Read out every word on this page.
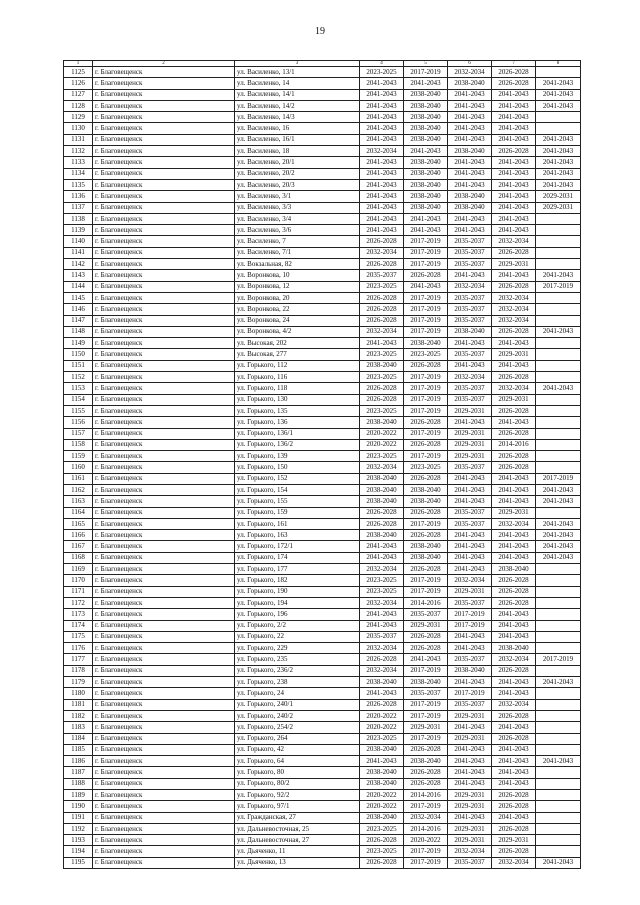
19
1	2	3	4	5	6	7	8
1125	г. Благовещенск	ул. Василенко, 13/1	2023-2025	2017-2019	2032-2034	2026-2028	
1126	г. Благовещенск	ул. Василенко, 14	2041-2043	2041-2043	2038-2040	2026-2028	2041-2043
1127	г. Благовещенск	ул. Василенко, 14/1	2041-2043	2038-2040	2041-2043	2041-2043	2041-2043
1128	г. Благовещенск	ул. Василенко, 14/2	2041-2043	2038-2040	2041-2043	2041-2043	2041-2043
1129	г. Благовещенск	ул. Василенко, 14/3	2041-2043	2038-2040	2041-2043	2041-2043	
1130	г. Благовещенск	ул. Василенко, 16	2041-2043	2038-2040	2041-2043	2041-2043	
1131	г. Благовещенск	ул. Василенко, 16/1	2041-2043	2038-2040	2041-2043	2041-2043	2041-2043
1132	г. Благовещенск	ул. Василенко, 18	2032-2034	2041-2043	2038-2040	2026-2028	2041-2043
1133	г. Благовещенск	ул. Василенко, 20/1	2041-2043	2038-2040	2041-2043	2041-2043	2041-2043
1134	г. Благовещенск	ул. Василенко, 20/2	2041-2043	2038-2040	2041-2043	2041-2043	2041-2043
1135	г. Благовещенск	ул. Василенко, 20/3	2041-2043	2038-2040	2041-2043	2041-2043	2041-2043
1136	г. Благовещенск	ул. Василенко, 3/1	2041-2043	2038-2040	2038-2040	2041-2043	2029-2031
1137	г. Благовещенск	ул. Василенко, 3/3	2041-2043	2038-2040	2038-2040	2041-2043	2029-2031
1138	г. Благовещенск	ул. Василенко, 3/4	2041-2043	2041-2043	2041-2043	2041-2043	
1139	г. Благовещенск	ул. Василенко, 3/6	2041-2043	2041-2043	2041-2043	2041-2043	
1140	г. Благовещенск	ул. Василенко, 7	2026-2028	2017-2019	2035-2037	2032-2034	
1141	г. Благовещенск	ул. Василенко, 7/1	2032-2034	2017-2019	2035-2037	2026-2028	
1142	г. Благовещенск	ул. Вокзальная, 82	2026-2028	2017-2019	2035-2037	2029-2031	
1143	г. Благовещенск	ул. Воронкова, 10	2035-2037	2026-2028	2041-2043	2041-2043	2041-2043
1144	г. Благовещенск	ул. Воронкова, 12	2023-2025	2041-2043	2032-2034	2026-2028	2017-2019
1145	г. Благовещенск	ул. Воронкова, 20	2026-2028	2017-2019	2035-2037	2032-2034	
1146	г. Благовещенск	ул. Воронкова, 22	2026-2028	2017-2019	2035-2037	2032-2034	
1147	г. Благовещенск	ул. Воронкова, 24	2026-2028	2017-2019	2035-2037	2032-2034	
1148	г. Благовещенск	ул. Воронкова, 4/2	2032-2034	2017-2019	2038-2040	2026-2028	2041-2043
1149	г. Благовещенск	ул. Высокая, 202	2041-2043	2038-2040	2041-2043	2041-2043	
1150	г. Благовещенск	ул. Высокая, 277	2023-2025	2023-2025	2035-2037	2029-2031	
1151	г. Благовещенск	ул. Горького, 112	2038-2040	2026-2028	2041-2043	2041-2043	
1152	г. Благовещенск	ул. Горького, 116	2023-2025	2017-2019	2032-2034	2026-2028	
1153	г. Благовещенск	ул. Горького, 118	2026-2028	2017-2019	2035-2037	2032-2034	2041-2043
1154	г. Благовещенск	ул. Горького, 130	2026-2028	2017-2019	2035-2037	2029-2031	
1155	г. Благовещенск	ул. Горького, 135	2023-2025	2017-2019	2029-2031	2026-2028	
1156	г. Благовещенск	ул. Горького, 136	2038-2040	2026-2028	2041-2043	2041-2043	
1157	г. Благовещенск	ул. Горького, 136/1	2020-2022	2017-2019	2029-2031	2026-2028	
1158	г. Благовещенск	ул. Горького, 136/2	2020-2022	2026-2028	2029-2031	2014-2016	
1159	г. Благовещенск	ул. Горького, 139	2023-2025	2017-2019	2029-2031	2026-2028	
1160	г. Благовещенск	ул. Горького, 150	2032-2034	2023-2025	2035-2037	2026-2028	
1161	г. Благовещенск	ул. Горького, 152	2038-2040	2026-2028	2041-2043	2041-2043	2017-2019
1162	г. Благовещенск	ул. Горького, 154	2038-2040	2038-2040	2041-2043	2041-2043	2041-2043
1163	г. Благовещенск	ул. Горького, 155	2038-2040	2038-2040	2041-2043	2041-2043	2041-2043
1164	г. Благовещенск	ул. Горького, 159	2026-2028	2026-2028	2035-2037	2029-2031	
1165	г. Благовещенск	ул. Горького, 161	2026-2028	2017-2019	2035-2037	2032-2034	2041-2043
1166	г. Благовещенск	ул. Горького, 163	2038-2040	2026-2028	2041-2043	2041-2043	2041-2043
1167	г. Благовещенск	ул. Горького, 172/1	2041-2043	2038-2040	2041-2043	2041-2043	2041-2043
1168	г. Благовещенск	ул. Горького, 174	2041-2043	2038-2040	2041-2043	2041-2043	2041-2043
1169	г. Благовещенск	ул. Горького, 177	2032-2034	2026-2028	2041-2043	2038-2040	
1170	г. Благовещенск	ул. Горького, 182	2023-2025	2017-2019	2032-2034	2026-2028	
1171	г. Благовещенск	ул. Горького, 190	2023-2025	2017-2019	2029-2031	2026-2028	
1172	г. Благовещенск	ул. Горького, 194	2032-2034	2014-2016	2035-2037	2026-2028	
1173	г. Благовещенск	ул. Горького, 196	2041-2043	2035-2037	2017-2019	2041-2043	
1174	г. Благовещенск	ул. Горького, 2/2	2041-2043	2029-2031	2017-2019	2041-2043	
1175	г. Благовещенск	ул. Горького, 22	2035-2037	2026-2028	2041-2043	2041-2043	
1176	г. Благовещенск	ул. Горького, 229	2032-2034	2026-2028	2041-2043	2038-2040	
1177	г. Благовещенск	ул. Горького, 235	2026-2028	2041-2043	2035-2037	2032-2034	2017-2019
1178	г. Благовещенск	ул. Горького, 236/2	2032-2034	2017-2019	2038-2040	2026-2028	
1179	г. Благовещенск	ул. Горького, 238	2038-2040	2038-2040	2041-2043	2041-2043	2041-2043
1180	г. Благовещенск	ул. Горького, 24	2041-2043	2035-2037	2017-2019	2041-2043	
1181	г. Благовещенск	ул. Горького, 240/1	2026-2028	2017-2019	2035-2037	2032-2034	
1182	г. Благовещенск	ул. Горького, 240/2	2020-2022	2017-2019	2029-2031	2026-2028	
1183	г. Благовещенск	ул. Горького, 254/2	2020-2022	2029-2031	2041-2043	2041-2043	
1184	г. Благовещенск	ул. Горького, 264	2023-2025	2017-2019	2029-2031	2026-2028	
1185	г. Благовещенск	ул. Горького, 42	2038-2040	2026-2028	2041-2043	2041-2043	
1186	г. Благовещенск	ул. Горького, 64	2041-2043	2038-2040	2041-2043	2041-2043	2041-2043
1187	г. Благовещенск	ул. Горького, 80	2038-2040	2026-2028	2041-2043	2041-2043	
1188	г. Благовещенск	ул. Горького, 80/2	2038-2040	2026-2028	2041-2043	2041-2043	
1189	г. Благовещенск	ул. Горького, 92/2	2020-2022	2014-2016	2029-2031	2026-2028	
1190	г. Благовещенск	ул. Горького, 97/1	2020-2022	2017-2019	2029-2031	2026-2028	
1191	г. Благовещенск	ул. Гражданская, 27	2038-2040	2032-2034	2041-2043	2041-2043	
1192	г. Благовещенск	ул. Дальневосточная, 25	2023-2025	2014-2016	2029-2031	2026-2028	
1193	г. Благовещенск	ул. Дальневосточная, 27	2026-2028	2020-2022	2029-2031	2029-2031	
1194	г. Благовещенск	ул. Дьяченко, 11	2023-2025	2017-2019	2032-2034	2026-2028	
1195	г. Благовещенск	ул. Дьяченко, 13	2026-2028	2017-2019	2035-2037	2032-2034	2041-2043
